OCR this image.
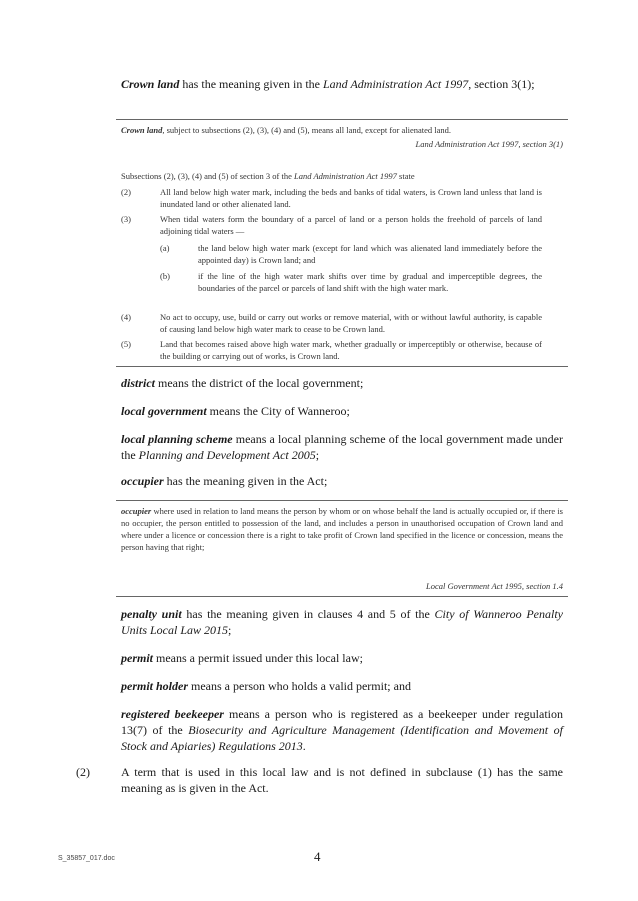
Crown land has the meaning given in the Land Administration Act 1997, section 3(1);

Crown land, subject to subsections (2), (3), (4) and (5), means all land, except for alienated land.

Land Administration Act 1997, section 3(1)

Subsections (2), (3), (4) and (5) of section 3 of the Land Administration Act 1997 state

(2)	All land below high water mark, including the beds and banks of tidal waters, is Crown land unless that land is inundated land or other alienated land.

(3)	When tidal waters form the boundary of a parcel of land or a person holds the freehold of parcels of land adjoining tidal waters —

(a)	the land below high water mark (except for land which was alienated land immediately before the appointed day) is Crown land; and

(b)	if the line of the high water mark shifts over time by gradual and imperceptible degrees, the boundaries of the parcel or parcels of land shift with the high water mark.

(4)	No act to occupy, use, build or carry out works or remove material, with or without lawful authority, is capable of causing land below high water mark to cease to be Crown land.

(5)	Land that becomes raised above high water mark, whether gradually or imperceptibly or otherwise, because of the building or carrying out of works, is Crown land.

district means the district of the local government;

local government means the City of Wanneroo;

local planning scheme means a local planning scheme of the local government made under the Planning and Development Act 2005;

occupier has the meaning given in the Act;

occupier where used in relation to land means the person by whom or on whose behalf the land is actually occupied or, if there is no occupier, the person entitled to possession of the land, and includes a person in unauthorised occupation of Crown land and where under a licence or concession there is a right to take profit of Crown land specified in the licence or concession, means the person having that right;

Local Government Act 1995, section 1.4

penalty unit has the meaning given in clauses 4 and 5 of the City of Wanneroo Penalty Units Local Law 2015;

permit means a permit issued under this local law;

permit holder means a person who holds a valid permit; and

registered beekeeper means a person who is registered as a beekeeper under regulation 13(7) of the Biosecurity and Agriculture Management (Identification and Movement of Stock and Apiaries) Regulations 2013.

(2)	A term that is used in this local law and is not defined in subclause (1) has the same meaning as is given in the Act.

S_35857_017.doc	4
